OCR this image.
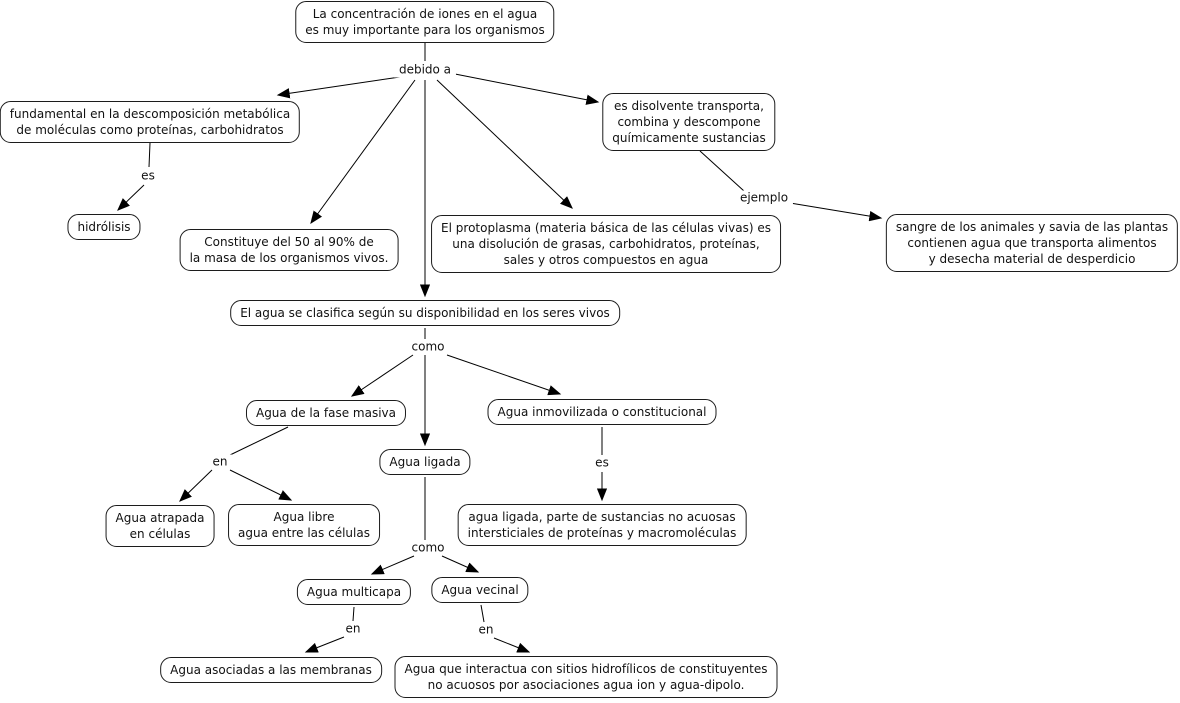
La concentración de iones en el agua
es muy importante para los organismos
fundamental en la descomposición metabólica
de moléculas como proteínas, carbohidratos
hidrólisis
Constituye del 50 al 90% de
la masa de los organismos vivos.
El protoplasma (materia básica de las células vivas) es
una disolución de grasas, carbohidratos, proteínas,
sales y otros compuestos en agua
es disolvente transporta,
combina y descompone
químicamente sustancias
sangre de los animales y savia de las plantas
contienen agua que transporta alimentos
y desecha material de desperdicio
El agua se clasifica según su disponibilidad en los seres vivos
Agua de la fase masiva	Agua inmovilizada o constitucional
Agua ligada
Agua atrapada
en células
Agua libre
agua entre las células
agua ligada, parte de sustancias no acuosas
intersticiales de proteínas y macromoléculas
Agua multicapa	Agua vecinal
Agua asociadas a las membranas	Agua que interactua con sitios hidrofílicos de constituyentes
no acuosos por asociaciones agua ion y agua-dipolo.
debido a
es
ejemplo
como
en	es
como
en	en
